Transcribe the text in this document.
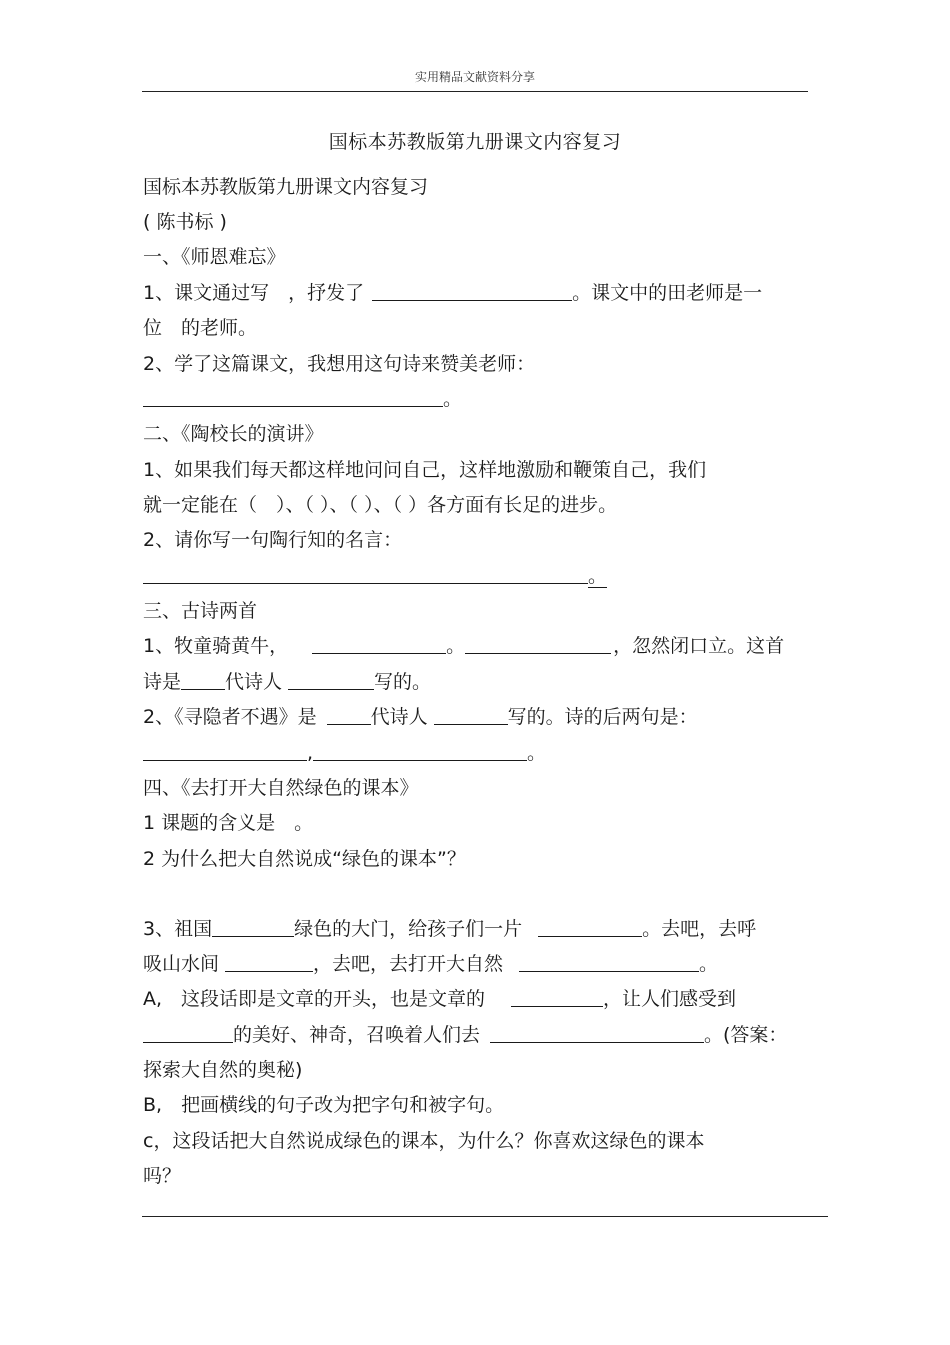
实用精品文献资料分享
国标本苏教版第九册课文内容复习
国标本苏教版第九册课文内容复习
( 陈书标 )
一、《师恩难忘》
1、课文通过写　，抒发了	。课文中的田老师是一
位　的老师。
2、学了这篇课文，我想用这句诗来赞美老师：
。
二、《陶校长的演讲》
1、如果我们每天都这样地问问自己，这样地激励和鞭策自己，我们
就一定能在（　）、（ ）、（ ）、（ ）各方面有长足的进步。
2、请你写一句陶行知的名言：
。
三、古诗两首
1、牧童骑黄牛，	。	，忽然闭口立。这首
诗是 代诗人	写的。
2、《寻隐者不遇》是	代诗人	写的。诗的后两句是：
,	。
四、《去打开大自然绿色的课本》
1 课题的含义是　。
2 为什么把大自然说成“绿色的课本”？
3、祖国	绿色的大门，给孩子们一片	。去吧，去呼
吸山水间	，去吧，去打开大自然	。
A,　这段话即是文章的开头，也是文章的	，让人们感受到
的美好、神奇，召唤着人们去	。(答案：
探索大自然的奥秘)
B,　把画横线的句子改为把字句和被字句。
c，这段话把大自然说成绿色的课本，为什么？你喜欢这绿色的课本
吗？
